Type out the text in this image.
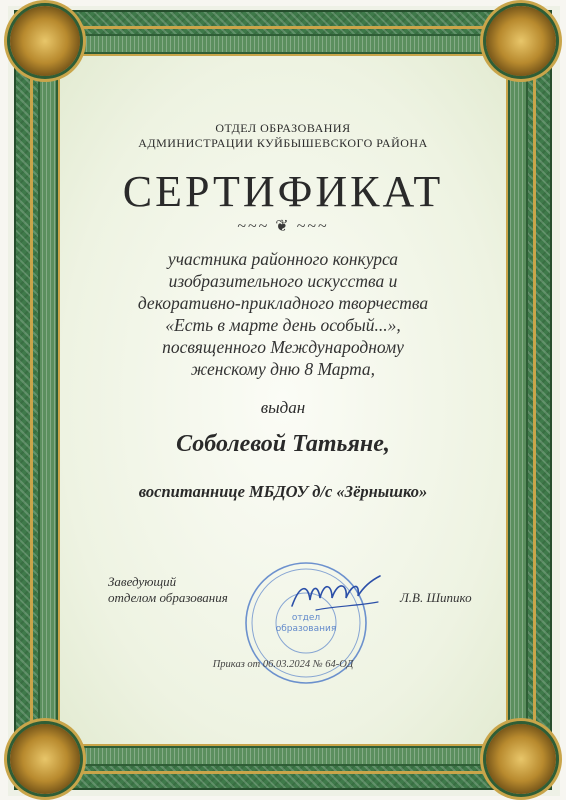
ОТДЕЛ ОБРАЗОВАНИЯ
АДМИНИСТРАЦИИ КУЙБЫШЕВСКОГО РАЙОНА
СЕРТИФИКАТ
~~~ ❦ ~~~
участника районного конкурса
изобразительного искусства и
декоративно-прикладного творчества
«Есть в марте день особый...»,
посвященного Международному
женскому дню 8 Марта,
выдан
Соболевой Татьяне,
воспитаннице МБДОУ д/с «Зёрнышко»
Заведующий
отделом образования	Л.В. Шипико
отдел
образования
Приказ от 06.03.2024 № 64-ОД
